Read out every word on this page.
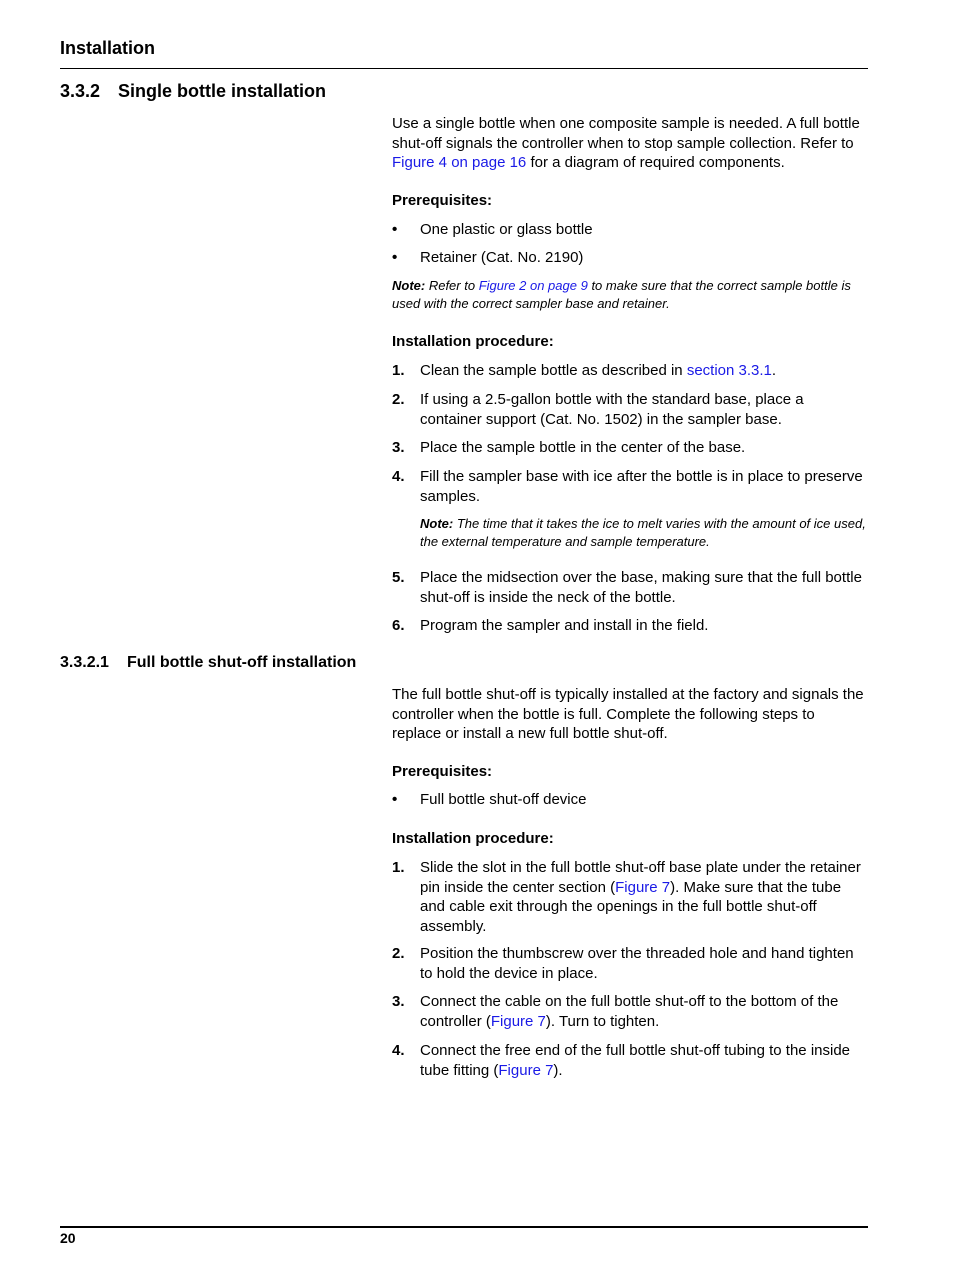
Installation
3.3.2 Single bottle installation

Use a single bottle when one composite sample is needed. A full bottle shut-off signals the controller when to stop sample collection. Refer to Figure 4 on page 16 for a diagram of required components.

Prerequisites:

• One plastic or glass bottle
• Retainer (Cat. No. 2190)
Note: Refer to Figure 2 on page 9 to make sure that the correct sample bottle is used with the correct sampler base and retainer.

Installation procedure:

1. Clean the sample bottle as described in section 3.3.1.
2. If using a 2.5-gallon bottle with the standard base, place a container support (Cat. No. 1502) in the sampler base.
3. Place the sample bottle in the center of the base.
4. Fill the sampler base with ice after the bottle is in place to preserve samples.
Note: The time that it takes the ice to melt varies with the amount of ice used, the external temperature and sample temperature.
5. Place the midsection over the base, making sure that the full bottle shut-off is inside the neck of the bottle.
6. Program the sampler and install in the field.
3.3.2.1 Full bottle shut-off installation

The full bottle shut-off is typically installed at the factory and signals the controller when the bottle is full. Complete the following steps to replace or install a new full bottle shut-off.

Prerequisites:

• Full bottle shut-off device

Installation procedure:

1. Slide the slot in the full bottle shut-off base plate under the retainer pin inside the center section (Figure 7). Make sure that the tube and cable exit through the openings in the full bottle shut-off assembly.
2. Position the thumbscrew over the threaded hole and hand tighten to hold the device in place.
3. Connect the cable on the full bottle shut-off to the bottom of the controller (Figure 7). Turn to tighten.
4. Connect the free end of the full bottle shut-off tubing to the inside tube fitting (Figure 7).
20
